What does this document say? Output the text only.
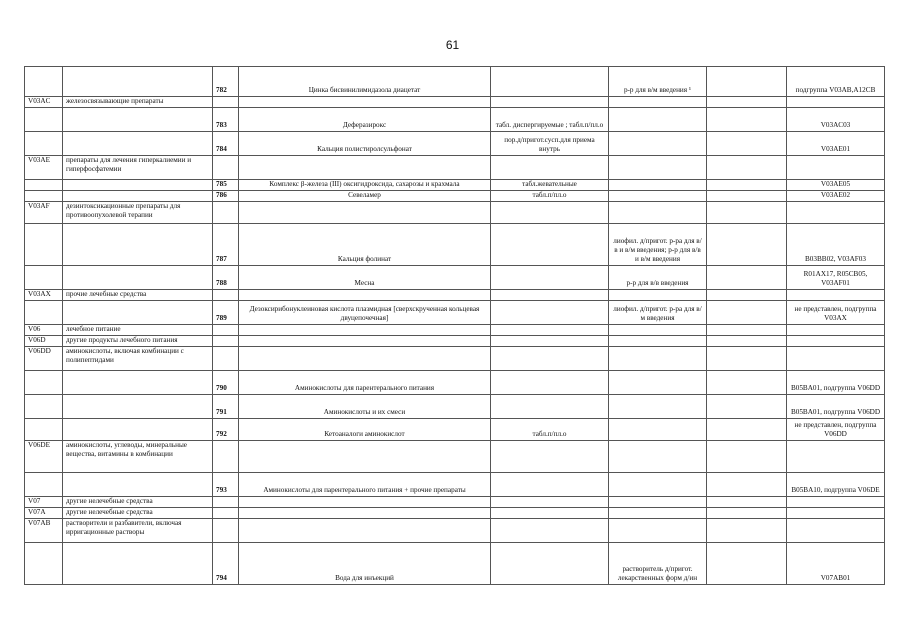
61
		782	Цинка бисвинилимидазола диацетат		р-р для в/м введения ¹		подгруппа V03AB,A12CB
V03AC	железосвязывающие препараты						
		783	Деферазирокс	табл. диспергируемые ; табл.п/пл.о			V03AC03
		784	Кальция полистиролсульфонат	пор.д/пригот.сусп.для приема внутрь			V03AE01
V03AE	препараты для лечения гиперкалиемии и гиперфосфатемии						
		785	Комплекс β-железа (III) оксигидроксида, сахарозы и крахмала	табл.жевательные			V03AE05
		786	Севеламер	табл.п/пл.о			V03AE02
V03AF	дезинтоксикационные препараты для противоопухолевой терапии						
		787	Кальция фолинат		лиофил. д/пригот. р-ра для в/в и в/м введения; р-р для в/в и в/м введения		B03BB02, V03AF03
		788	Месна		р-р для в/в введения		R01AX17, R05CB05, V03AF01
V03AX	прочие лечебные средства						
		789	Дезоксирибонуклеиновая кислота плазмидная [сверхскрученная кольцевая двуцепочечная]		лиофил. д/пригот. р-ра для в/м введения		не представлен, подгруппа V03AX
V06	лечебное питание						
V06D	другие продукты лечебного питания						
V06DD	аминокислоты, включая комбинации с полипептидами						
		790	Аминокислоты для парентерального питания				B05BA01, подгруппа V06DD
		791	Аминокислоты и их смеси				B05BA01, подгруппа V06DD
		792	Кетоаналоги аминокислот	табл.п/пл.о			не представлен, подгруппа V06DD
V06DE	аминокислоты, углеводы, минеральные вещества, витамины в комбинации						
		793	Аминокислоты для парентерального питания + прочие препараты				B05BA10, подгруппа V06DE
V07	другие нелечебные средства						
V07A	другие нелечебные средства						
V07AB	растворители и разбавители, включая ирригационные растворы						
		794	Вода для инъекций		растворитель д/пригот. лекарственных форм д/ин		V07AB01
